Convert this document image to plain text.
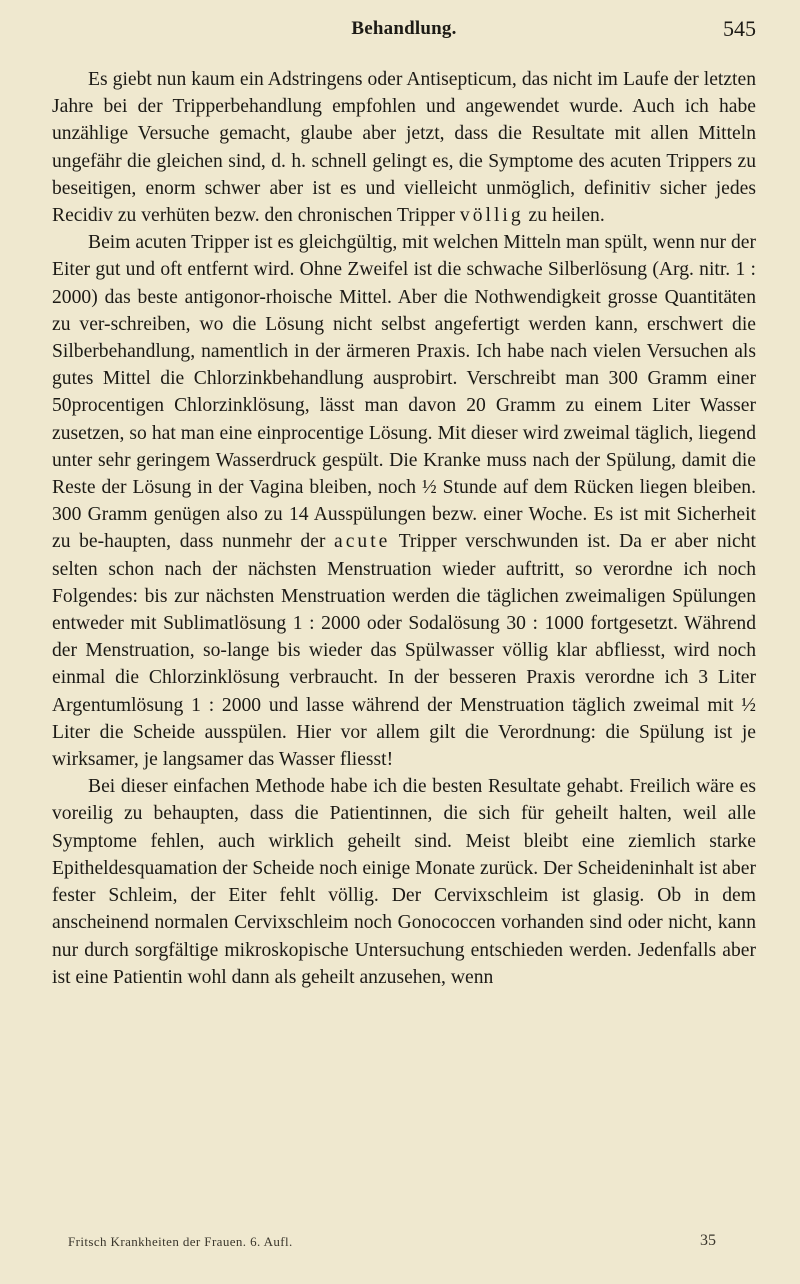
Behandlung.	545

Es giebt nun kaum ein Adstringens oder Antisepticum, das nicht im Laufe der letzten Jahre bei der Tripperbehandlung empfohlen und angewendet wurde. Auch ich habe unzählige Versuche gemacht, glaube aber jetzt, dass die Resultate mit allen Mitteln ungefähr die gleichen sind, d. h. schnell gelingt es, die Symptome des acuten Trippers zu beseitigen, enorm schwer aber ist es und vielleicht unmöglich, definitiv sicher jedes Recidiv zu verhüten bezw. den chronischen Tripper völlig zu heilen.

Beim acuten Tripper ist es gleichgültig, mit welchen Mitteln man spült, wenn nur der Eiter gut und oft entfernt wird. Ohne Zweifel ist die schwache Silberlösung (Arg. nitr. 1 : 2000) das beste antigonor-rhoische Mittel. Aber die Nothwendigkeit grosse Quantitäten zu ver-schreiben, wo die Lösung nicht selbst angefertigt werden kann, erschwert die Silberbehandlung, namentlich in der ärmeren Praxis. Ich habe nach vielen Versuchen als gutes Mittel die Chlorzinkbehandlung ausprobirt. Verschreibt man 300 Gramm einer 50procentigen Chlorzinklösung, lässt man davon 20 Gramm zu einem Liter Wasser zusetzen, so hat man eine einprocentige Lösung. Mit dieser wird zweimal täglich, liegend unter sehr geringem Wasserdruck gespült. Die Kranke muss nach der Spülung, damit die Reste der Lösung in der Vagina bleiben, noch ½ Stunde auf dem Rücken liegen bleiben. 300 Gramm genügen also zu 14 Ausspülungen bezw. einer Woche. Es ist mit Sicherheit zu be-haupten, dass nunmehr der acute Tripper verschwunden ist. Da er aber nicht selten schon nach der nächsten Menstruation wieder auftritt, so verordne ich noch Folgendes: bis zur nächsten Menstruation werden die täglichen zweimaligen Spülungen entweder mit Sublimatlösung 1 : 2000 oder Sodalösung 30 : 1000 fortgesetzt. Während der Menstruation, so-lange bis wieder das Spülwasser völlig klar abfliesst, wird noch einmal die Chlorzinklösung verbraucht. In der besseren Praxis verordne ich 3 Liter Argentumlösung 1 : 2000 und lasse während der Menstruation täglich zweimal mit ½ Liter die Scheide ausspülen. Hier vor allem gilt die Verordnung: die Spülung ist je wirksamer, je langsamer das Wasser fliesst!

Bei dieser einfachen Methode habe ich die besten Resultate gehabt. Freilich wäre es voreilig zu behaupten, dass die Patientinnen, die sich für geheilt halten, weil alle Symptome fehlen, auch wirklich geheilt sind. Meist bleibt eine ziemlich starke Epitheldesquamation der Scheide noch einige Monate zurück. Der Scheideninhalt ist aber fester Schleim, der Eiter fehlt völlig. Der Cervixschleim ist glasig. Ob in dem anscheinend normalen Cervixschleim noch Gonococcen vorhanden sind oder nicht, kann nur durch sorgfältige mikroskopische Untersuchung entschieden werden. Jedenfalls aber ist eine Patientin wohl dann als geheilt anzusehen, wenn

Fritsch Krankheiten der Frauen. 6. Aufl.	35
